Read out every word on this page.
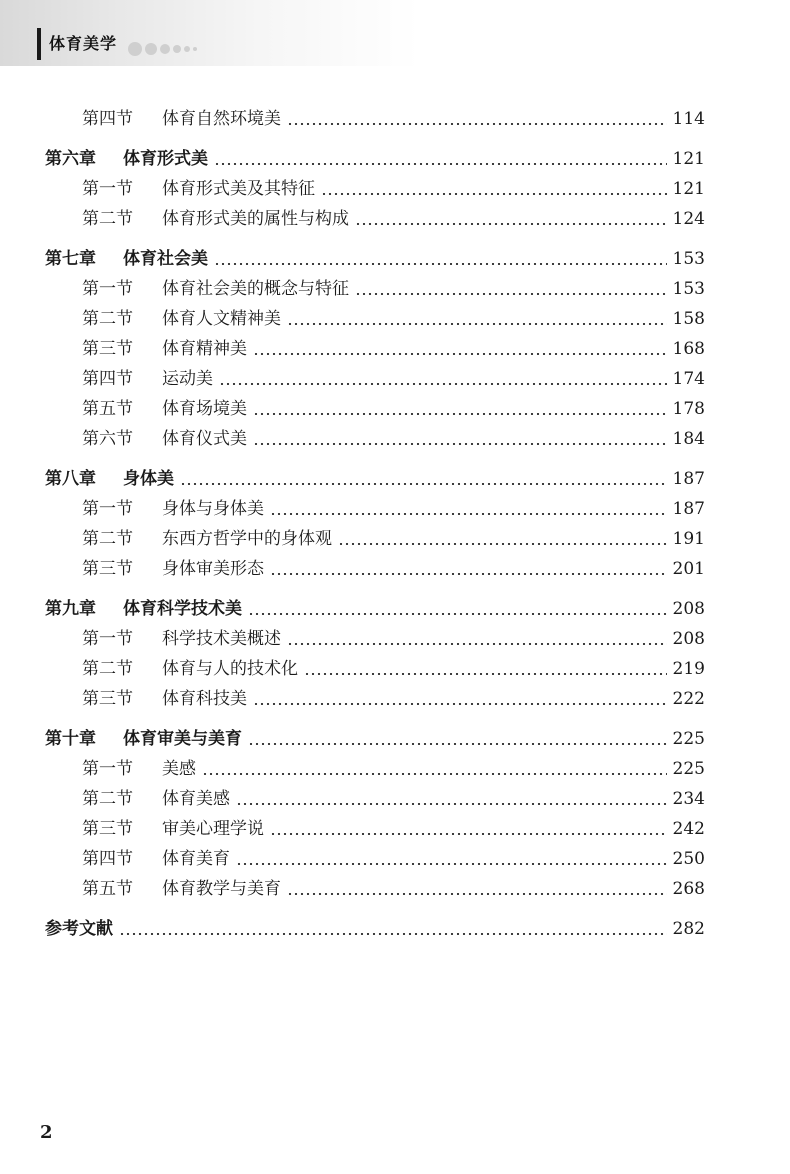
体育美学
第四节	体育自然环境美	114
第六章	体育形式美	121
第一节	体育形式美及其特征	121
第二节	体育形式美的属性与构成	124
第七章	体育社会美	153
第一节	体育社会美的概念与特征	153
第二节	体育人文精神美	158
第三节	体育精神美	168
第四节	运动美	174
第五节	体育场境美	178
第六节	体育仪式美	184
第八章	身体美	187
第一节	身体与身体美	187
第二节	东西方哲学中的身体观	191
第三节	身体审美形态	201
第九章	体育科学技术美	208
第一节	科学技术美概述	208
第二节	体育与人的技术化	219
第三节	体育科技美	222
第十章	体育审美与美育	225
第一节	美感	225
第二节	体育美感	234
第三节	审美心理学说	242
第四节	体育美育	250
第五节	体育教学与美育	268
参考文献	282
2
